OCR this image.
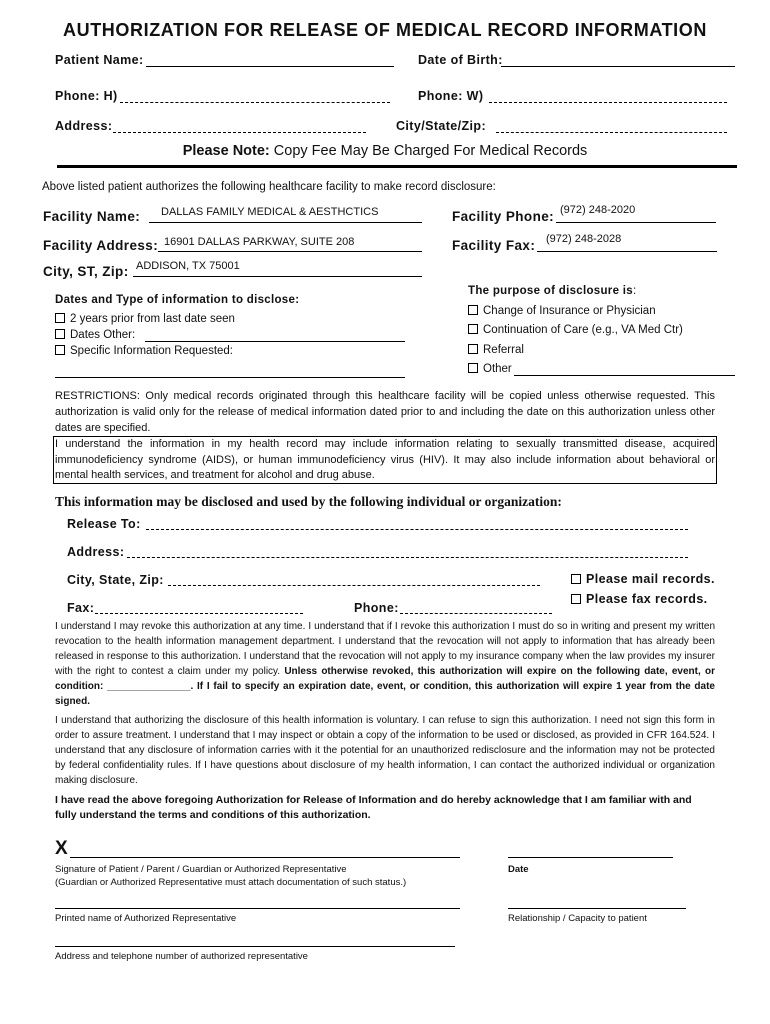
AUTHORIZATION FOR RELEASE OF MEDICAL RECORD INFORMATION
Patient Name:	Date of Birth:
Phone: H)	Phone: W)
Address:	City/State/Zip:
Please Note: Copy Fee May Be Charged For Medical Records
Above listed patient authorizes the following healthcare facility to make record disclosure:
Facility Name: DALLAS FAMILY MEDICAL & AESTHCTICS	Facility Phone: (972) 248-2020
Facility Address: 16901 DALLAS PARKWAY, SUITE 208	Facility Fax: (972) 248-2028
City, ST, Zip: ADDISON, TX 75001
Dates and Type of information to disclose:
2 years prior from last date seen
Dates Other:
Specific Information Requested:
The purpose of disclosure is:
Change of Insurance or Physician
Continuation of Care (e.g., VA Med Ctr)
Referral
Other
RESTRICTIONS: Only medical records originated through this healthcare facility will be copied unless otherwise requested. This authorization is valid only for the release of medical information dated prior to and including the date on this authorization unless other dates are specified.
I understand the information in my health record may include information relating to sexually transmitted disease, acquired immunodeficiency syndrome (AIDS), or human immunodeficiency virus (HIV). It may also include information about behavioral or mental health services, and treatment for alcohol and drug abuse.
This information may be disclosed and used by the following individual or organization:
Release To:
Address:
City, State, Zip:
Fax:	Phone:
Please mail records.
Please fax records.
I understand I may revoke this authorization at any time. I understand that if I revoke this authorization I must do so in writing and present my written revocation to the health information management department. I understand that the revocation will not apply to information that has already been released in response to this authorization. I understand that the revocation will not apply to my insurance company when the law provides my insurer with the right to contest a claim under my policy. Unless otherwise revoked, this authorization will expire on the following date, event, or condition: _______________. If I fail to specify an expiration date, event, or condition, this authorization will expire 1 year from the date signed.
I understand that authorizing the disclosure of this health information is voluntary. I can refuse to sign this authorization. I need not sign this form in order to assure treatment. I understand that I may inspect or obtain a copy of the information to be used or disclosed, as provided in CFR 164.524. I understand that any disclosure of information carries with it the potential for an unauthorized redisclosure and the information may not be protected by federal confidentiality rules. If I have questions about disclosure of my health information, I can contact the authorized individual or organization making disclosure.
I have read the above foregoing Authorization for Release of Information and do hereby acknowledge that I am familiar with and fully understand the terms and conditions of this authorization.
X
Signature of Patient / Parent / Guardian or Authorized Representative
(Guardian or Authorized Representative must attach documentation of such status.)
Date
Printed name of Authorized Representative	Relationship / Capacity to patient
Address and telephone number of authorized representative
